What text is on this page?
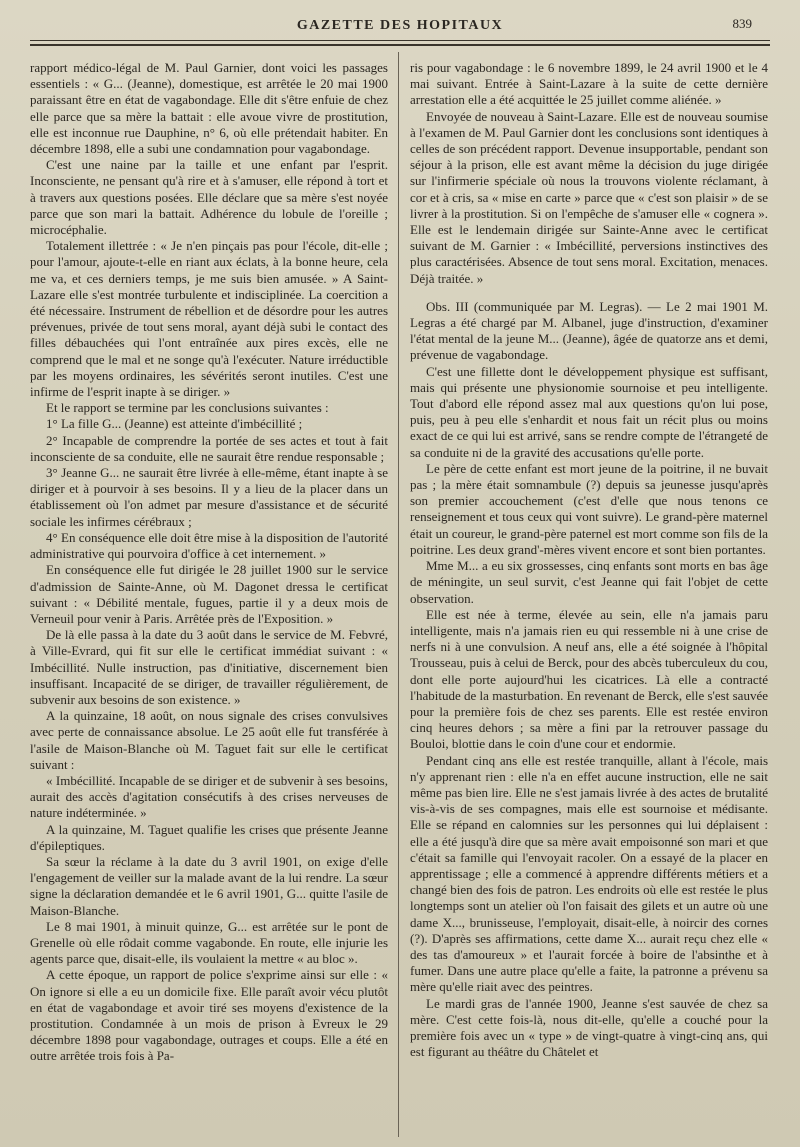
GAZETTE DES HOPITAUX	839

rapport médico-légal de M. Paul Garnier, dont voici les passages essentiels : « G... (Jeanne), domestique, est arrêtée le 20 mai 1900 paraissant être en état de vagabondage. Elle dit s'être enfuie de chez elle parce que sa mère la battait : elle avoue vivre de prostitution, elle est inconnue rue Dauphine, n° 6, où elle prétendait habiter. En décembre 1898, elle a subi une condamnation pour vagabondage.

C'est une naine par la taille et une enfant par l'esprit. Inconsciente, ne pensant qu'à rire et à s'amuser, elle répond à tort et à travers aux questions posées. Elle déclare que sa mère s'est noyée parce que son mari la battait. Adhérence du lobule de l'oreille ; microcéphalie.

Totalement illettrée : « Je n'en pinçais pas pour l'école, dit-elle ; pour l'amour, ajoute-t-elle en riant aux éclats, à la bonne heure, cela me va, et ces derniers temps, je me suis bien amusée. » A Saint-Lazare elle s'est montrée turbulente et indisciplinée. La coercition a été nécessaire. Instrument de rébellion et de désordre pour les autres prévenues, privée de tout sens moral, ayant déjà subi le contact des filles débauchées qui l'ont entraînée aux pires excès, elle ne comprend que le mal et ne songe qu'à l'exécuter. Nature irréductible par les moyens ordinaires, les sévérités seront inutiles. C'est une infirme de l'esprit inapte à se diriger. »

Et le rapport se termine par les conclusions suivantes :

1° La fille G... (Jeanne) est atteinte d'imbécillité ;

2° Incapable de comprendre la portée de ses actes et tout à fait inconsciente de sa conduite, elle ne saurait être rendue responsable ;

3° Jeanne G... ne saurait être livrée à elle-même, étant inapte à se diriger et à pourvoir à ses besoins. Il y a lieu de la placer dans un établissement où l'on admet par mesure d'assistance et de sécurité sociale les infirmes cérébraux ;

4° En conséquence elle doit être mise à la disposition de l'autorité administrative qui pourvoira d'office à cet internement. »

En conséquence elle fut dirigée le 28 juillet 1900 sur le service d'admission de Sainte-Anne, où M. Dagonet dressa le certificat suivant : « Débilité mentale, fugues, partie il y a deux mois de Verneuil pour venir à Paris. Arrêtée près de l'Exposition. »

De là elle passa à la date du 3 août dans le service de M. Febvré, à Ville-Evrard, qui fit sur elle le certificat immédiat suivant : « Imbécillité. Nulle instruction, pas d'initiative, discernement bien insuffisant. Incapacité de se diriger, de travailler régulièrement, de subvenir aux besoins de son existence. »

A la quinzaine, 18 août, on nous signale des crises convulsives avec perte de connaissance absolue. Le 25 août elle fut transférée à l'asile de Maison-Blanche où M. Taguet fait sur elle le certificat suivant :

« Imbécillité. Incapable de se diriger et de subvenir à ses besoins, aurait des accès d'agitation consécutifs à des crises nerveuses de nature indéterminée. »

A la quinzaine, M. Taguet qualifie les crises que présente Jeanne d'épileptiques.

Sa sœur la réclame à la date du 3 avril 1901, on exige d'elle l'engagement de veiller sur la malade avant de la lui rendre. La sœur signe la déclaration demandée et le 6 avril 1901, G... quitte l'asile de Maison-Blanche.

Le 8 mai 1901, à minuit quinze, G... est arrêtée sur le pont de Grenelle où elle rôdait comme vagabonde. En route, elle injurie les agents parce que, disait-elle, ils voulaient la mettre « au bloc ».

A cette époque, un rapport de police s'exprime ainsi sur elle : « On ignore si elle a eu un domicile fixe. Elle paraît avoir vécu plutôt en état de vagabondage et avoir tiré ses moyens d'existence de la prostitution. Condamnée à un mois de prison à Evreux le 29 décembre 1898 pour vagabondage, outrages et coups. Elle a été en outre arrêtée trois fois à Pa-

ris pour vagabondage : le 6 novembre 1899, le 24 avril 1900 et le 4 mai suivant. Entrée à Saint-Lazare à la suite de cette dernière arrestation elle a été acquittée le 25 juillet comme aliénée. »

Envoyée de nouveau à Saint-Lazare. Elle est de nouveau soumise à l'examen de M. Paul Garnier dont les conclusions sont identiques à celles de son précédent rapport. Devenue insupportable, pendant son séjour à la prison, elle est avant même la décision du juge dirigée sur l'infirmerie spéciale où nous la trouvons violente réclamant, à cor et à cris, sa « mise en carte » parce que « c'est son plaisir » de se livrer à la prostitution. Si on l'empêche de s'amuser elle « cognera ». Elle est le lendemain dirigée sur Sainte-Anne avec le certificat suivant de M. Garnier : « Imbécillité, perversions instinctives des plus caractérisées. Absence de tout sens moral. Excitation, menaces. Déjà traitée. »

Obs. III (communiquée par M. Legras). — Le 2 mai 1901 M. Legras a été chargé par M. Albanel, juge d'instruction, d'examiner l'état mental de la jeune M... (Jeanne), âgée de quatorze ans et demi, prévenue de vagabondage.

C'est une fillette dont le développement physique est suffisant, mais qui présente une physionomie sournoise et peu intelligente. Tout d'abord elle répond assez mal aux questions qu'on lui pose, puis, peu à peu elle s'enhardit et nous fait un récit plus ou moins exact de ce qui lui est arrivé, sans se rendre compte de l'étrangeté de sa conduite ni de la gravité des accusations qu'elle porte.

Le père de cette enfant est mort jeune de la poitrine, il ne buvait pas ; la mère était somnambule (?) depuis sa jeunesse jusqu'après son premier accouchement (c'est d'elle que nous tenons ce renseignement et tous ceux qui vont suivre). Le grand-père maternel était un coureur, le grand-père paternel est mort comme son fils de la poitrine. Les deux grand'-mères vivent encore et sont bien portantes.

Mme M... a eu six grossesses, cinq enfants sont morts en bas âge de méningite, un seul survit, c'est Jeanne qui fait l'objet de cette observation.

Elle est née à terme, élevée au sein, elle n'a jamais paru intelligente, mais n'a jamais rien eu qui ressemble ni à une crise de nerfs ni à une convulsion. A neuf ans, elle a été soignée à l'hôpital Trousseau, puis à celui de Berck, pour des abcès tuberculeux du cou, dont elle porte aujourd'hui les cicatrices. Là elle a contracté l'habitude de la masturbation. En revenant de Berck, elle s'est sauvée pour la première fois de chez ses parents. Elle est restée environ cinq heures dehors ; sa mère a fini par la retrouver passage du Bouloi, blottie dans le coin d'une cour et endormie.

Pendant cinq ans elle est restée tranquille, allant à l'école, mais n'y apprenant rien : elle n'a en effet aucune instruction, elle ne sait même pas bien lire. Elle ne s'est jamais livrée à des actes de brutalité vis-à-vis de ses compagnes, mais elle est sournoise et médisante. Elle se répand en calomnies sur les personnes qui lui déplaisent : elle a été jusqu'à dire que sa mère avait empoisonné son mari et que c'était sa famille qui l'envoyait racoler. On a essayé de la placer en apprentissage ; elle a commencé à apprendre différents métiers et a changé bien des fois de patron. Les endroits où elle est restée le plus longtemps sont un atelier où l'on faisait des gilets et un autre où une dame X..., brunisseuse, l'employait, disait-elle, à noircir des cornes (?). D'après ses affirmations, cette dame X... aurait reçu chez elle « des tas d'amoureux » et l'aurait forcée à boire de l'absinthe et à fumer. Dans une autre place qu'elle a faite, la patronne a prévenu sa mère qu'elle riait avec des peintres.

Le mardi gras de l'année 1900, Jeanne s'est sauvée de chez sa mère. C'est cette fois-là, nous dit-elle, qu'elle a couché pour la première fois avec un « type » de vingt-quatre à vingt-cinq ans, qui est figurant au théâtre du Châtelet et
